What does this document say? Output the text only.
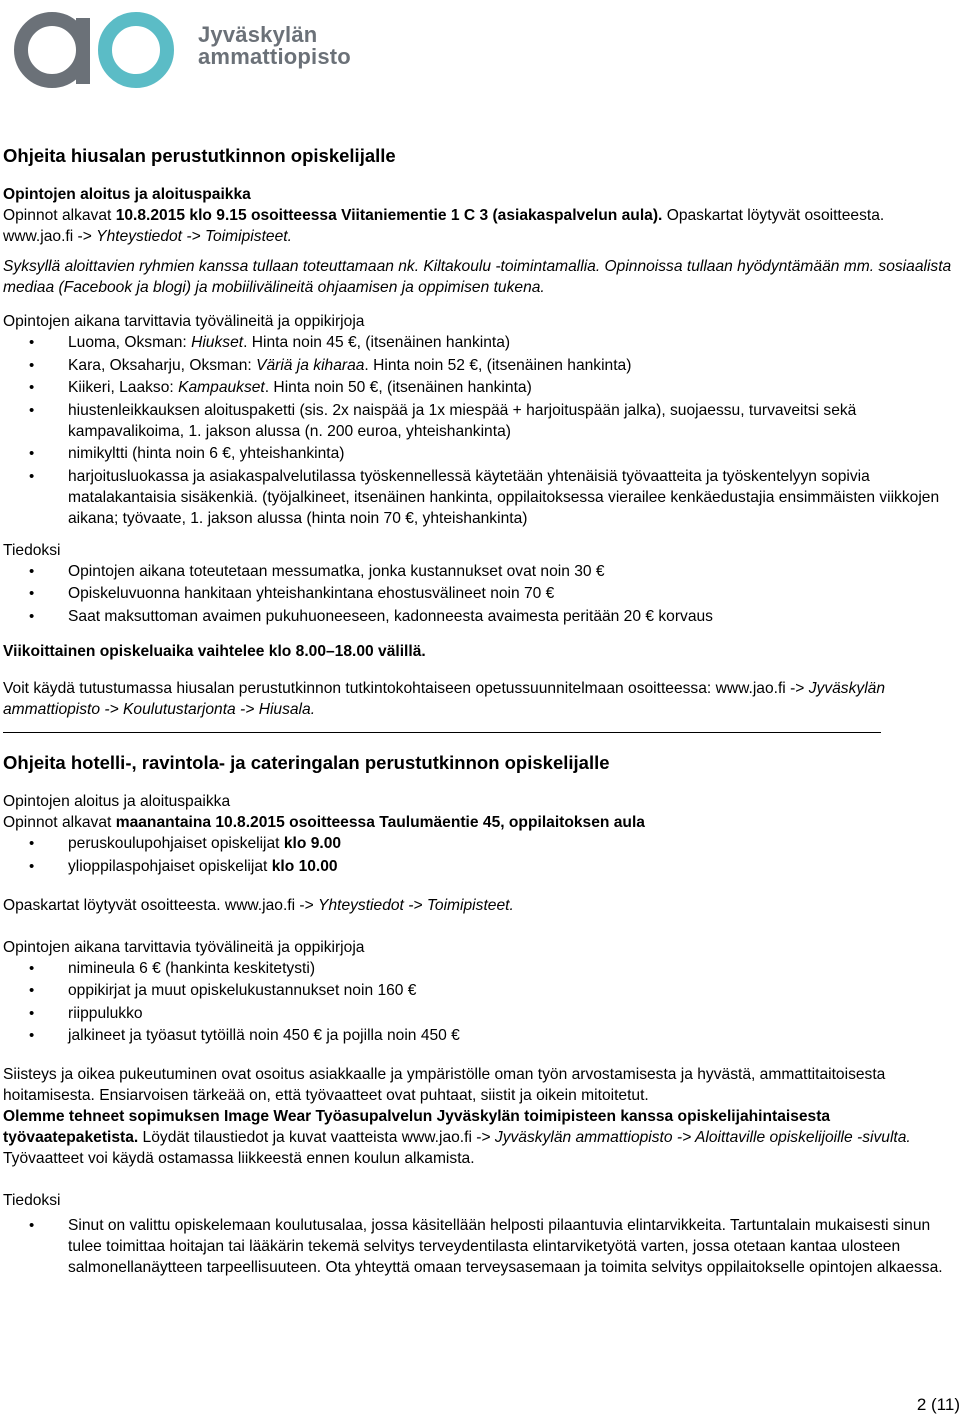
Jyväskylän
ammattiopisto

Ohjeita hiusalan perustutkinnon opiskelijalle

Opintojen aloitus ja aloituspaikka

Opinnot alkavat 10.8.2015 klo 9.15 osoitteessa Viitaniementie 1 C 3 (asiakaspalvelun aula). Opaskartat löytyvät osoitteesta. www.jao.fi -> Yhteystiedot -> Toimipisteet.

Syksyllä aloittavien ryhmien kanssa tullaan toteuttamaan nk. Kiltakoulu -toimintamallia. Opinnoissa tullaan hyödyntämään mm. sosiaalista mediaa (Facebook ja blogi) ja mobiilivälineitä ohjaamisen ja oppimisen tukena.

Opintojen aikana tarvittavia työvälineitä ja oppikirjoja

• Luoma, Oksman: Hiukset. Hinta noin 45 €, (itsenäinen hankinta)
• Kara, Oksaharju, Oksman: Väriä ja kiharaa. Hinta noin 52 €, (itsenäinen hankinta)
• Kiikeri, Laakso: Kampaukset. Hinta noin 50 €, (itsenäinen hankinta)
• hiustenleikkauksen aloituspaketti (sis. 2x naispää ja 1x miespää + harjoituspään jalka), suojaessu, turvaveitsi sekä kampavalikoima, 1. jakson alussa (n. 200 euroa, yhteishankinta)
• nimikyltti (hinta noin 6 €, yhteishankinta)
• harjoitusluokassa ja asiakaspalvelutilassa työskennellessä käytetään yhtenäisiä työvaatteita ja työskentelyyn sopivia matalakantaisia sisäkenkiä. (työjalkineet, itsenäinen hankinta, oppilaitoksessa vierailee kenkäedustajia ensimmäisten viikkojen aikana; työvaate, 1. jakson alussa (hinta noin 70 €, yhteishankinta)

Tiedoksi

• Opintojen aikana toteutetaan messumatka, jonka kustannukset ovat noin 30 €
• Opiskeluvuonna hankitaan yhteishankintana ehostusvälineet noin 70 €
• Saat maksuttoman avaimen pukuhuoneeseen, kadonneesta avaimesta peritään 20 € korvaus

Viikoittainen opiskeluaika vaihtelee klo 8.00–18.00 välillä.

Voit käydä tutustumassa hiusalan perustutkinnon tutkintokohtaiseen opetussuunnitelmaan osoitteessa: www.jao.fi -> Jyväskylän ammattiopisto -> Koulutustarjonta -> Hiusala.

Ohjeita hotelli-, ravintola- ja cateringalan perustutkinnon opiskelijalle

Opintojen aloitus ja aloituspaikka

Opinnot alkavat maanantaina 10.8.2015 osoitteessa Taulumäentie 45, oppilaitoksen aula

• peruskoulupohjaiset opiskelijat klo 9.00
• ylioppilaspohjaiset opiskelijat klo 10.00

Opaskartat löytyvät osoitteesta. www.jao.fi -> Yhteystiedot -> Toimipisteet.

Opintojen aikana tarvittavia työvälineitä ja oppikirjoja

• nimineula 6 € (hankinta keskitetysti)
• oppikirjat ja muut opiskelukustannukset noin 160 €
• riippulukko
• jalkineet ja työasut tytöillä noin 450 € ja pojilla noin 450 €

Siisteys ja oikea pukeutuminen ovat osoitus asiakkaalle ja ympäristölle oman työn arvostamisesta ja hyvästä, ammattitaitoisesta hoitamisesta. Ensiarvoisen tärkeää on, että työvaatteet ovat puhtaat, siistit ja oikein mitoitetut.

Olemme tehneet sopimuksen Image Wear Työasupalvelun Jyväskylän toimipisteen kanssa opiskelijahintaisesta työvaatepaketista. Löydät tilaustiedot ja kuvat vaatteista www.jao.fi -> Jyväskylän ammattiopisto -> Aloittaville opiskelijoille -sivulta. Työvaatteet voi käydä ostamassa liikkeestä ennen koulun alkamista.

Tiedoksi

• Sinut on valittu opiskelemaan koulutusalaa, jossa käsitellään helposti pilaantuvia elintarvikkeita. Tartuntalain mukaisesti sinun tulee toimittaa hoitajan tai lääkärin tekemä selvitys terveydentilasta elintarviketyötä varten, jossa otetaan kantaa ulosteen salmonellanäytteen tarpeellisuuteen. Ota yhteyttä omaan terveysasemaan ja toimita selvitys oppilaitokselle opintojen alkaessa.
2 (11)
